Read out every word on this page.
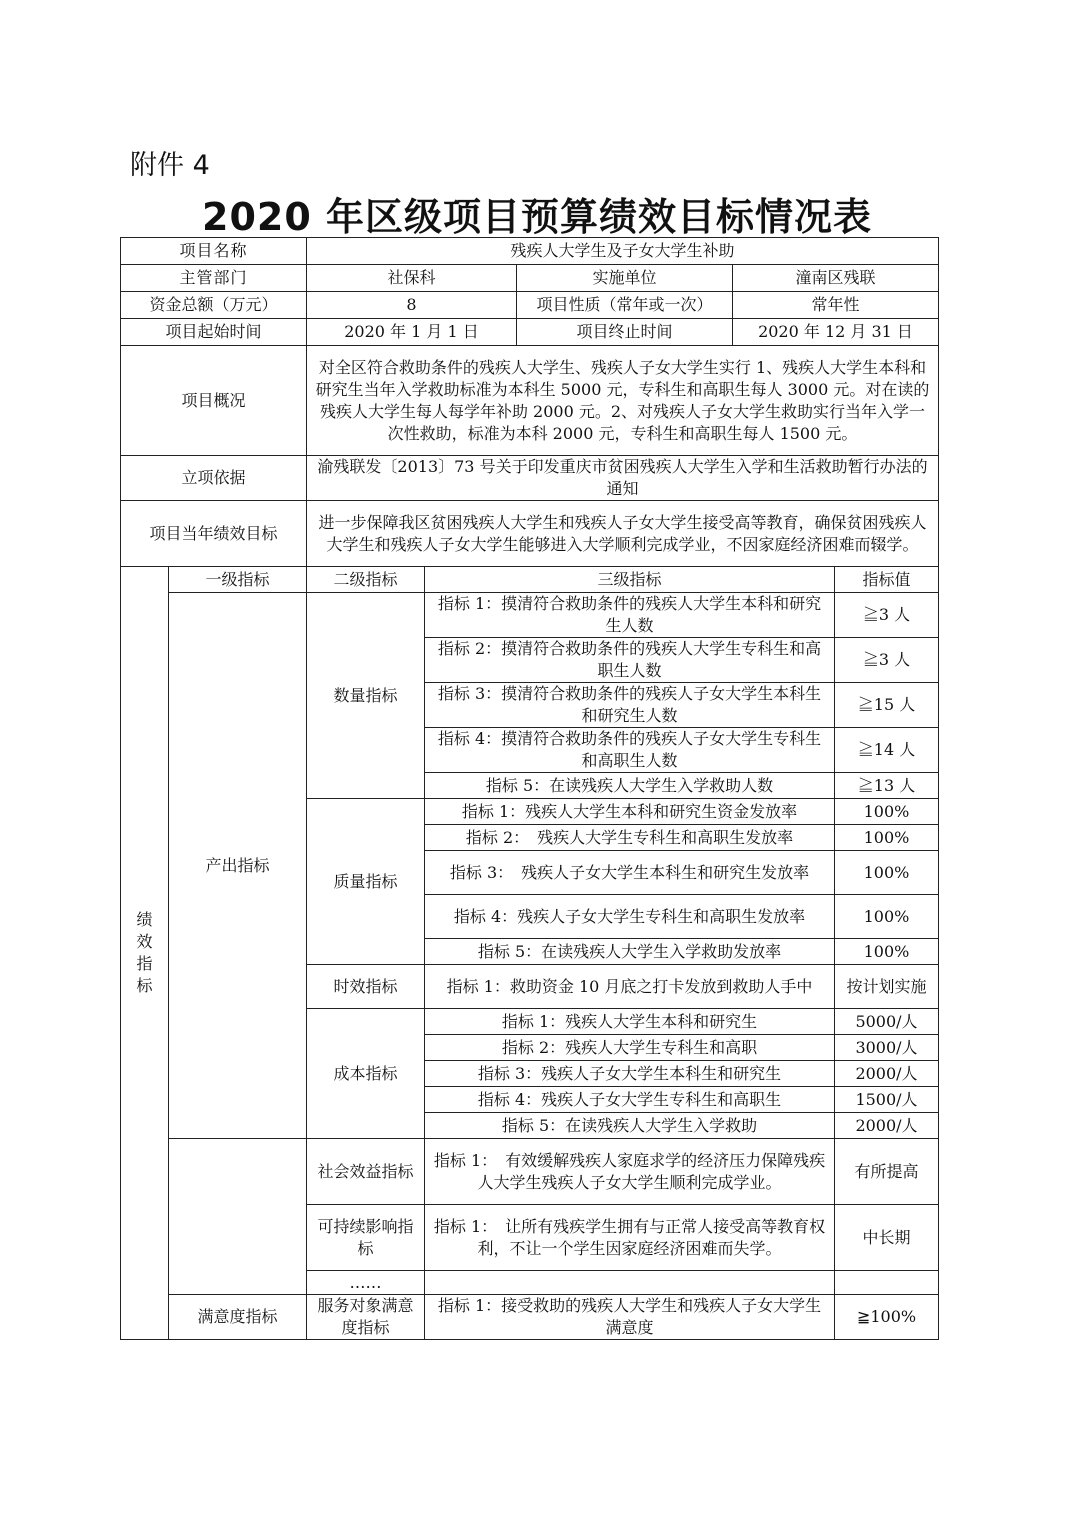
附件 4
2020 年区级项目预算绩效目标情况表

项目名称		残疾人大学生及子女大学生补助				
主管部门		社保科		实施单位	潼南区残联	
资金总额（万元）		8		项目性质（常年或一次）	常年性	
项目起始时间		2020 年 1 月 1 日		项目终止时间	2020 年 12 月 31 日	
项目概况		对全区符合救助条件的残疾人大学生、残疾人子女大学生实行 1、残疾人大学生本科和研究生当年入学救助标准为本科生 5000 元，专科生和高职生每人 3000 元。对在读的残疾人大学生每人每学年补助 2000 元。2、对残疾人子女大学生救助实行当年入学一次性救助，标准为本科 2000 元，专科生和高职生每人 1500 元。				
立项依据		渝残联发〔2013〕73 号关于印发重庆市贫困残疾人大学生入学和生活救助暂行办法的通知				
项目当年绩效目标		进一步保障我区贫困残疾人大学生和残疾人子女大学生接受高等教育，确保贫困残疾人大学生和残疾人子女大学生能够进入大学顺利完成学业，不因家庭经济困难而辍学。				

绩效指标	一级指标	二级指标	三级指标			指标值
	产出指标	数量指标	指标 1：摸清符合救助条件的残疾人大学生本科和研究生人数			≧3 人
			指标 2：摸清符合救助条件的残疾人大学生专科生和高职生人数			≧3 人
			指标 3：摸清符合救助条件的残疾人子女大学生本科生和研究生人数			≧15 人
			指标 4：摸清符合救助条件的残疾人子女大学生专科生和高职生人数			≧14 人
			指标 5：在读残疾人大学生入学救助人数			≧13 人
		质量指标	指标 1：残疾人大学生本科和研究生资金发放率			100%
			指标 2：　残疾人大学生专科生和高职生发放率			100%
			指标 3：　残疾人子女大学生本科生和研究生发放率			100%
			指标 4：残疾人子女大学生专科生和高职生发放率			100%
			指标 5：在读残疾人大学生入学救助发放率			100%
		时效指标	指标 1：救助资金 10 月底之打卡发放到救助人手中			按计划实施
		成本指标	指标 1：残疾人大学生本科和研究生			5000/人
			指标 2：残疾人大学生专科生和高职			3000/人
			指标 3：残疾人子女大学生本科生和研究生			2000/人
			指标 4：残疾人子女大学生专科生和高职生			1500/人
			指标 5：在读残疾人大学生入学救助			2000/人
		社会效益指标	指标 1：　有效缓解残疾人家庭求学的经济压力保障残疾人大学生残疾人子女大学生顺利完成学业。			有所提高
		可持续影响指标	指标 1：　让所有残疾学生拥有与正常人接受高等教育权利，不让一个学生因家庭经济困难而失学。			中长期
		……				
	满意度指标	服务对象满意度指标	指标 1：接受救助的残疾人大学生和残疾人子女大学生满意度			≧100%
